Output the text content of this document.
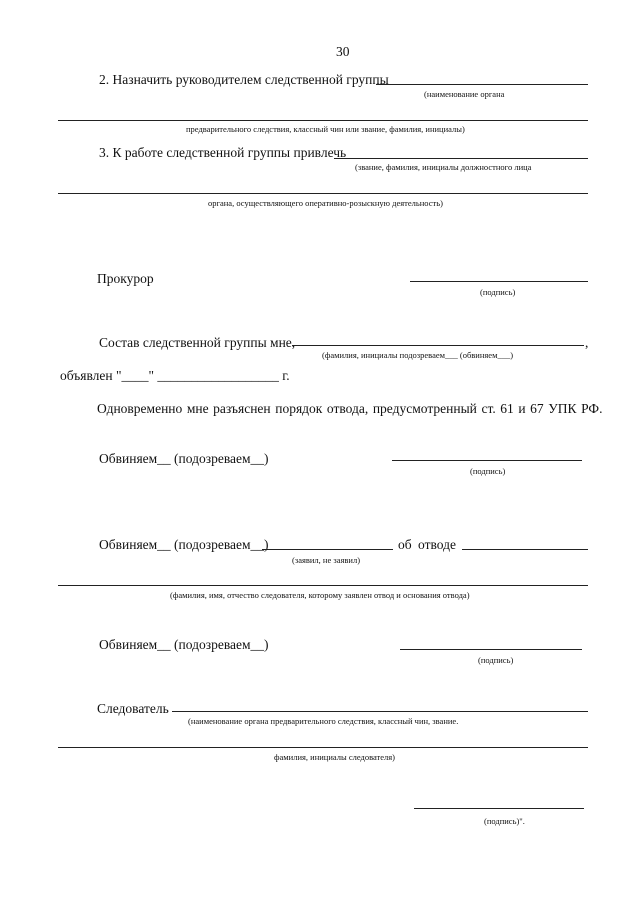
30
2. Назначить руководителем следственной группы
(наименование органа
предварительного следствия, классный чин или звание, фамилия, инициалы)
3. К работе следственной группы привлечь
(звание, фамилия, инициалы должностного лица
органа, осуществляющего оперативно-розыскную деятельность)
Прокурор
(подпись)
Состав следственной группы мне,	,
(фамилия, инициалы подозреваем___ (обвиняем___)
объявлен "____" __________________ г.
Одновременно мне разъяснен порядок отвода, предусмотренный ст. 61 и 67 УПК РФ.
Обвиняем__ (подозреваем__)
(подпись)
Обвиняем__ (подозреваем__)	об отводе
(заявил, не заявил)
(фамилия, имя, отчество следователя, которому заявлен отвод и основания отвода)
Обвиняем__ (подозреваем__)
(подпись)
Следователь
(наименование органа предварительного следствия, классный чин, звание.
фамилия, инициалы следователя)
(подпись)".
